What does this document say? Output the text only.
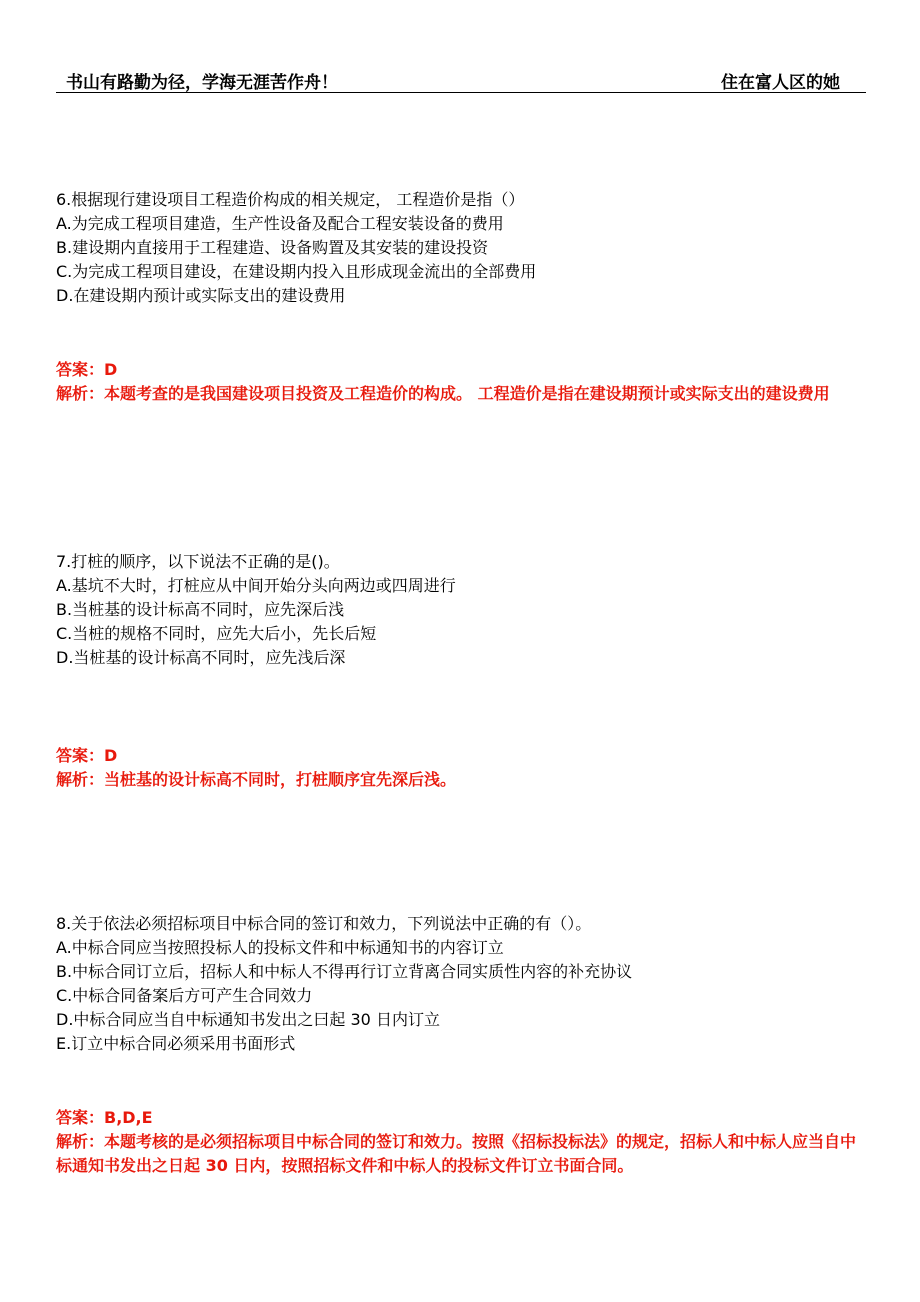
书山有路勤为径，学海无涯苦作舟！	住在富人区的她
6.根据现行建设项目工程造价构成的相关规定， 工程造价是指（）
A.为完成工程项目建造，生产性设备及配合工程安装设备的费用
B.建设期内直接用于工程建造、设备购置及其安装的建设投资
C.为完成工程项目建设，在建设期内投入且形成现金流出的全部费用
D.在建设期内预计或实际支出的建设费用
答案：D
解析：本题考查的是我国建设项目投资及工程造价的构成。 工程造价是指在建设期预计或实际支出的建设费用
7.打桩的顺序，以下说法不正确的是()。
A.基坑不大时，打桩应从中间开始分头向两边或四周进行
B.当桩基的设计标高不同时，应先深后浅
C.当桩的规格不同时，应先大后小，先长后短
D.当桩基的设计标高不同时，应先浅后深
答案：D
解析：当桩基的设计标高不同时，打桩顺序宜先深后浅。
8.关于依法必须招标项目中标合同的签订和效力，下列说法中正确的有（）。
A.中标合同应当按照投标人的投标文件和中标通知书的内容订立
B.中标合同订立后，招标人和中标人不得再行订立背离合同实质性内容的补充协议
C.中标合同备案后方可产生合同效力
D.中标合同应当自中标通知书发出之曰起 30 日内订立
E.订立中标合同必须采用书面形式
答案：B,D,E
解析：本题考核的是必须招标项目中标合同的签订和效力。按照《招标投标法》的规定，招标人和中标人应当自中标通知书发出之日起 30 日内，按照招标文件和中标人的投标文件订立书面合同。
